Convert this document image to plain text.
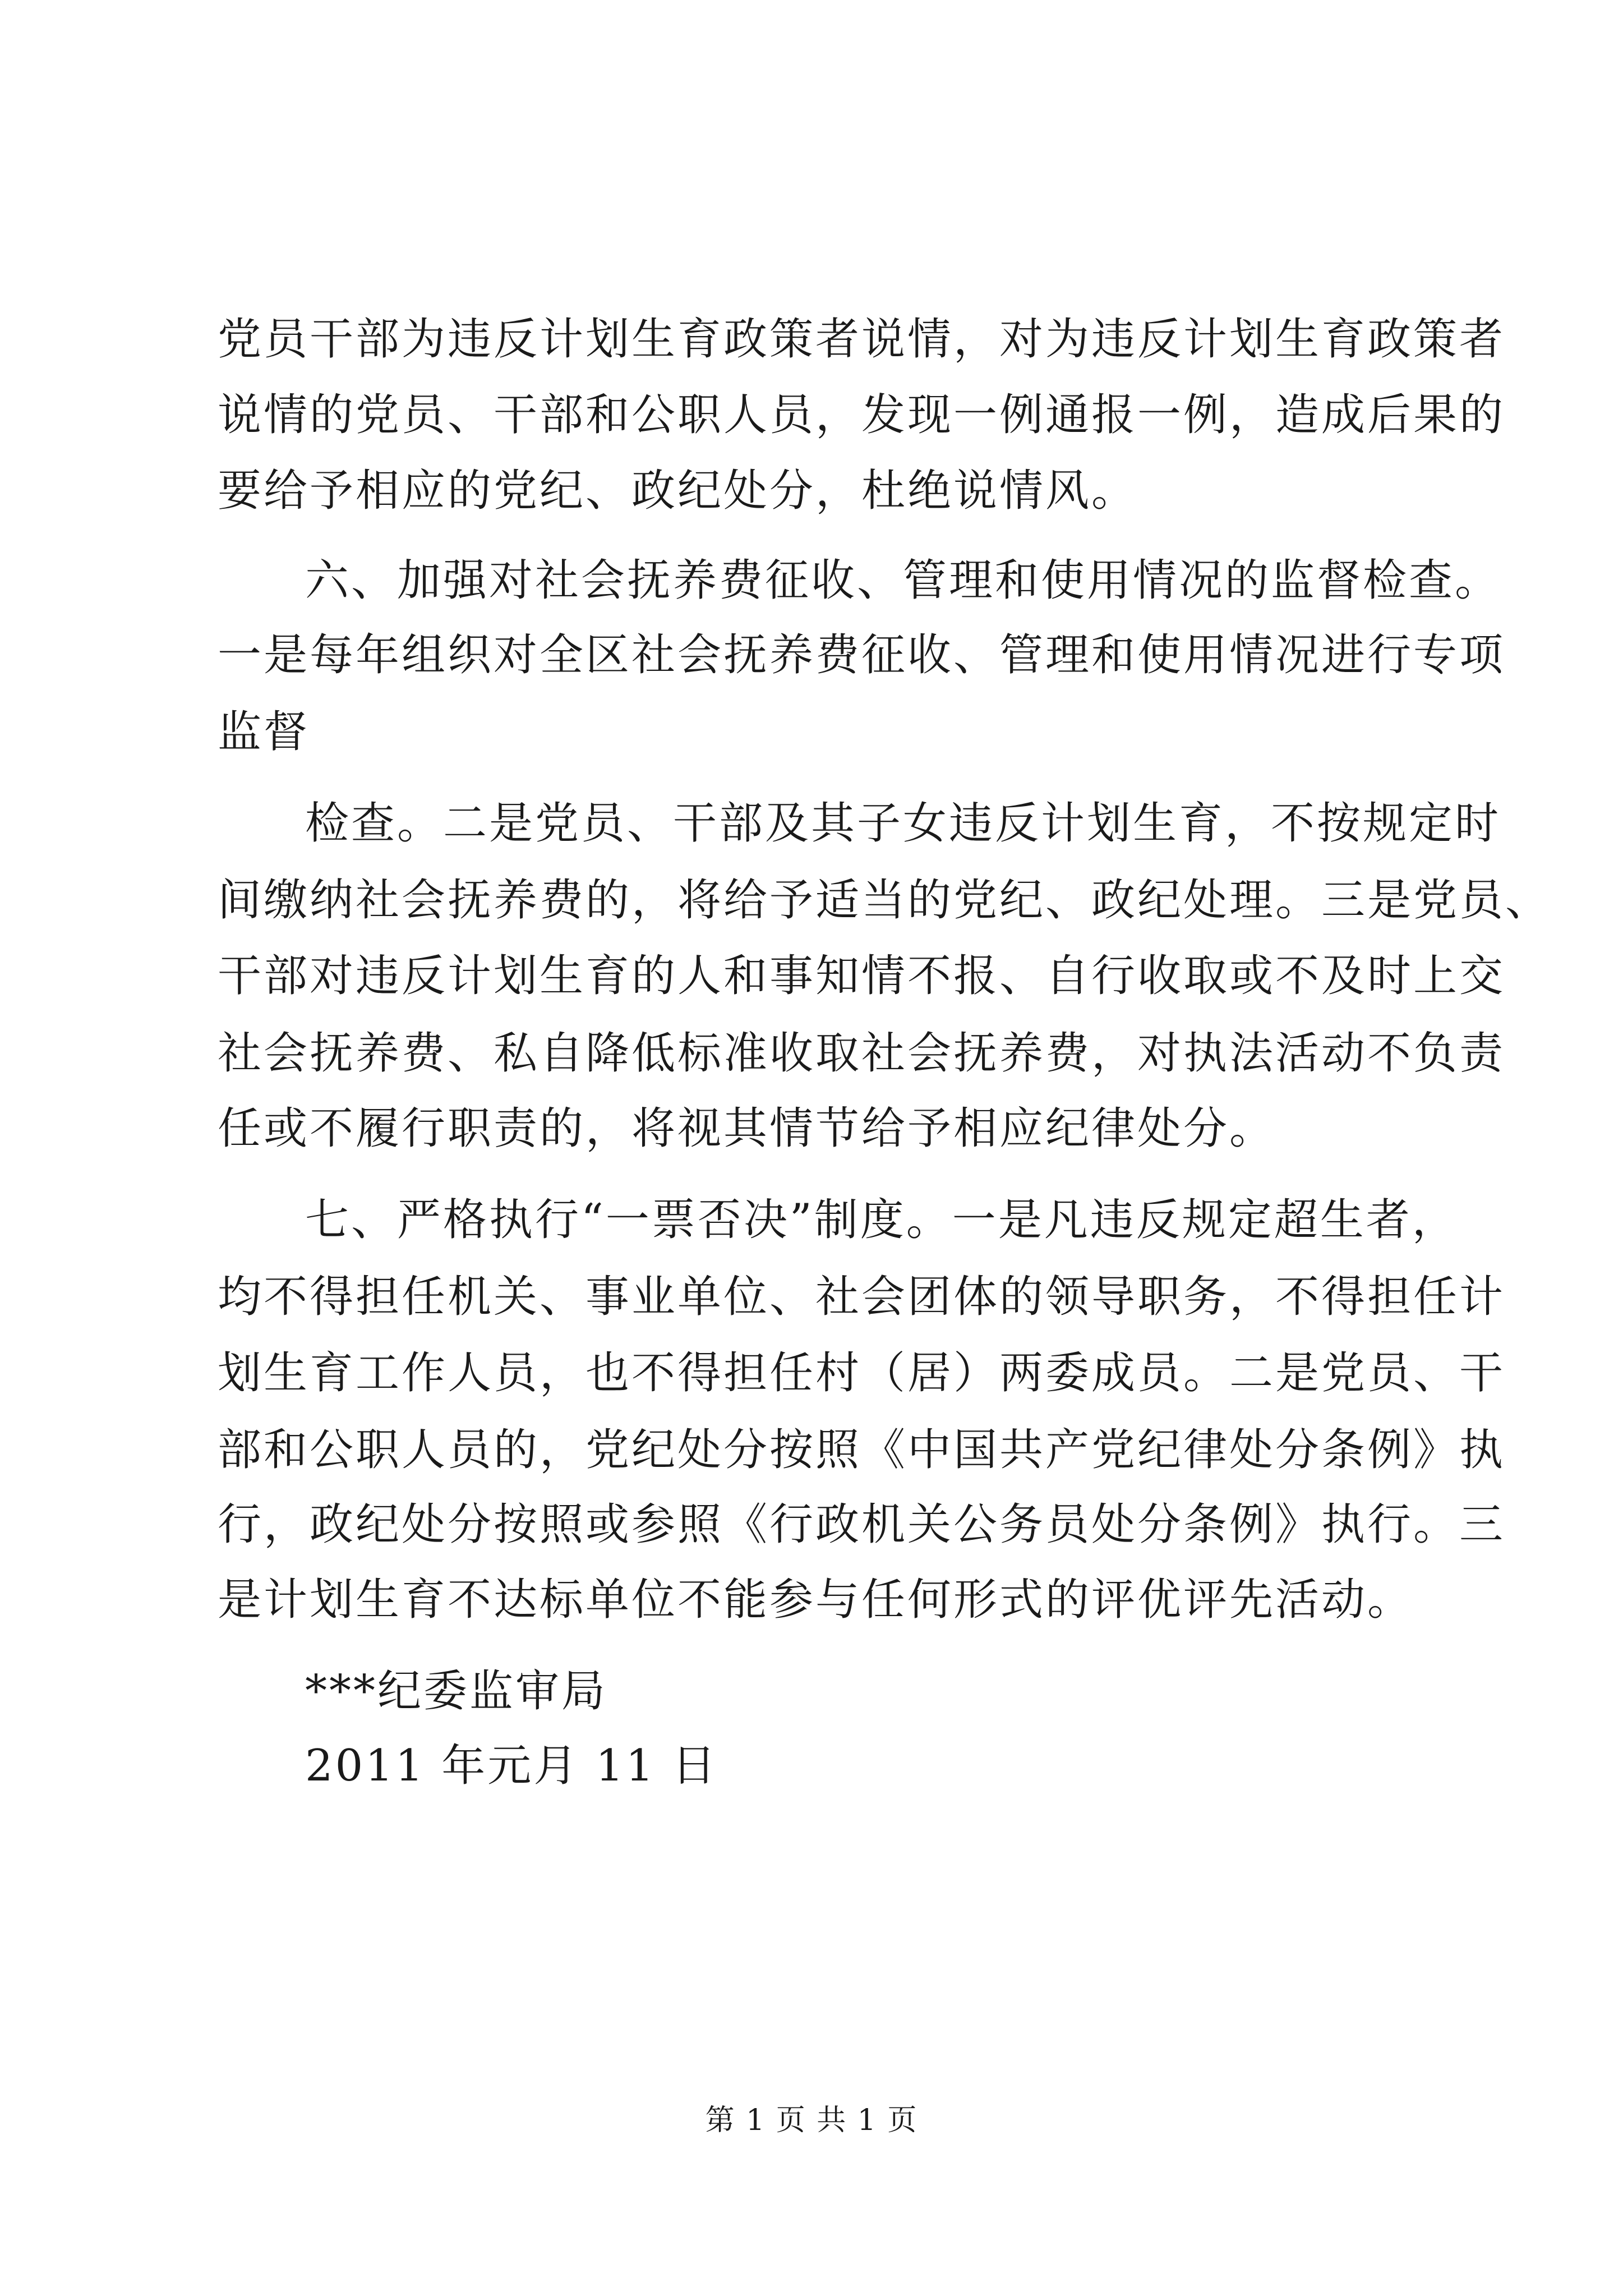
党员干部为违反计划生育政策者说情，对为违反计划生育政策者
说情的党员、干部和公职人员，发现一例通报一例，造成后果的
要给予相应的党纪、政纪处分，杜绝说情风。
六、加强对社会抚养费征收、管理和使用情况的监督检查。
一是每年组织对全区社会抚养费征收、管理和使用情况进行专项
监督
检查。二是党员、干部及其子女违反计划生育，不按规定时
间缴纳社会抚养费的，将给予适当的党纪、政纪处理。三是党员、
干部对违反计划生育的人和事知情不报、自行收取或不及时上交
社会抚养费、私自降低标准收取社会抚养费，对执法活动不负责
任或不履行职责的，将视其情节给予相应纪律处分。
七、严格执行“一票否决”制度。一是凡违反规定超生者，
均不得担任机关、事业单位、社会团体的领导职务，不得担任计
划生育工作人员，也不得担任村（居）两委成员。二是党员、干
部和公职人员的，党纪处分按照《中国共产党纪律处分条例》执
行，政纪处分按照或参照《行政机关公务员处分条例》执行。三
是计划生育不达标单位不能参与任何形式的评优评先活动。
***纪委监审局
2011 年元月 11 日
第 1 页 共 1 页
